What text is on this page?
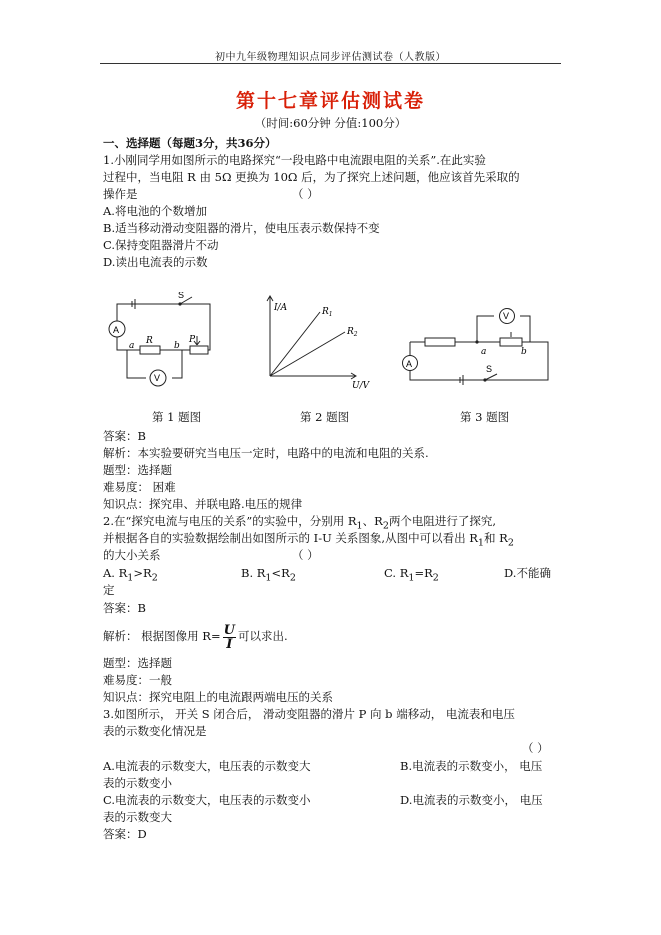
初中九年级物理知识点同步评估测试卷（人教版）
第十七章评估测试卷
（时间:60分钟 分值:100分）
一、选择题（每题3分，共36分）
1.小刚同学用如图所示的电路探究“一段电路中电流跟电阻的关系”.在此实验
过程中，当电阻 R 由 5Ω 更换为 10Ω 后，为了探究上述问题，他应该首先采取的
操作是	（ ）
A.将电池的个数增加
B.适当移动滑动变阻器的滑片，使电压表示数保持不变
C.保持变阻器滑片不动
D.读出电流表的示数
A
V
S
a R b
P
I/A
U/V
$R_1$
$R_2$
A
V
S
a	b
第 1 题图	第 2 题图	第 3 题图
答案：B
解析：本实验要研究当电压一定时，电路中的电流和电阻的关系.
题型：选择题
难易度： 困难
知识点：探究串、并联电路.电压的规律
2.在“探究电流与电压的关系”的实验中，分别用 $R_1$、$R_2$两个电阻进行了探究,
并根据各自的实验数据绘制出如图所示的 I-U 关系图象,从图中可以看出 $R_1$和 $R_2$
的大小关系	（ ）
A. $R_1>R_2$	B. $R_1<R_2$	C. $R_1=R_2$	D.不能确
定
答案：B
解析： 根据图像用 $R= \frac{U}{I}$ 可以求出.
题型：选择题
难易度：一般
知识点：探究电阻上的电流跟两端电压的关系
3.如图所示， 开关 S 闭合后， 滑动变阻器的滑片 P 向 b 端移动， 电流表和电压
表的示数变化情况是
（ ）
A.电流表的示数变大，电压表的示数变大	B.电流表的示数变小， 电压
表的示数变小
C.电流表的示数变大，电压表的示数变小	D.电流表的示数变小， 电压
表的示数变大
答案：D
